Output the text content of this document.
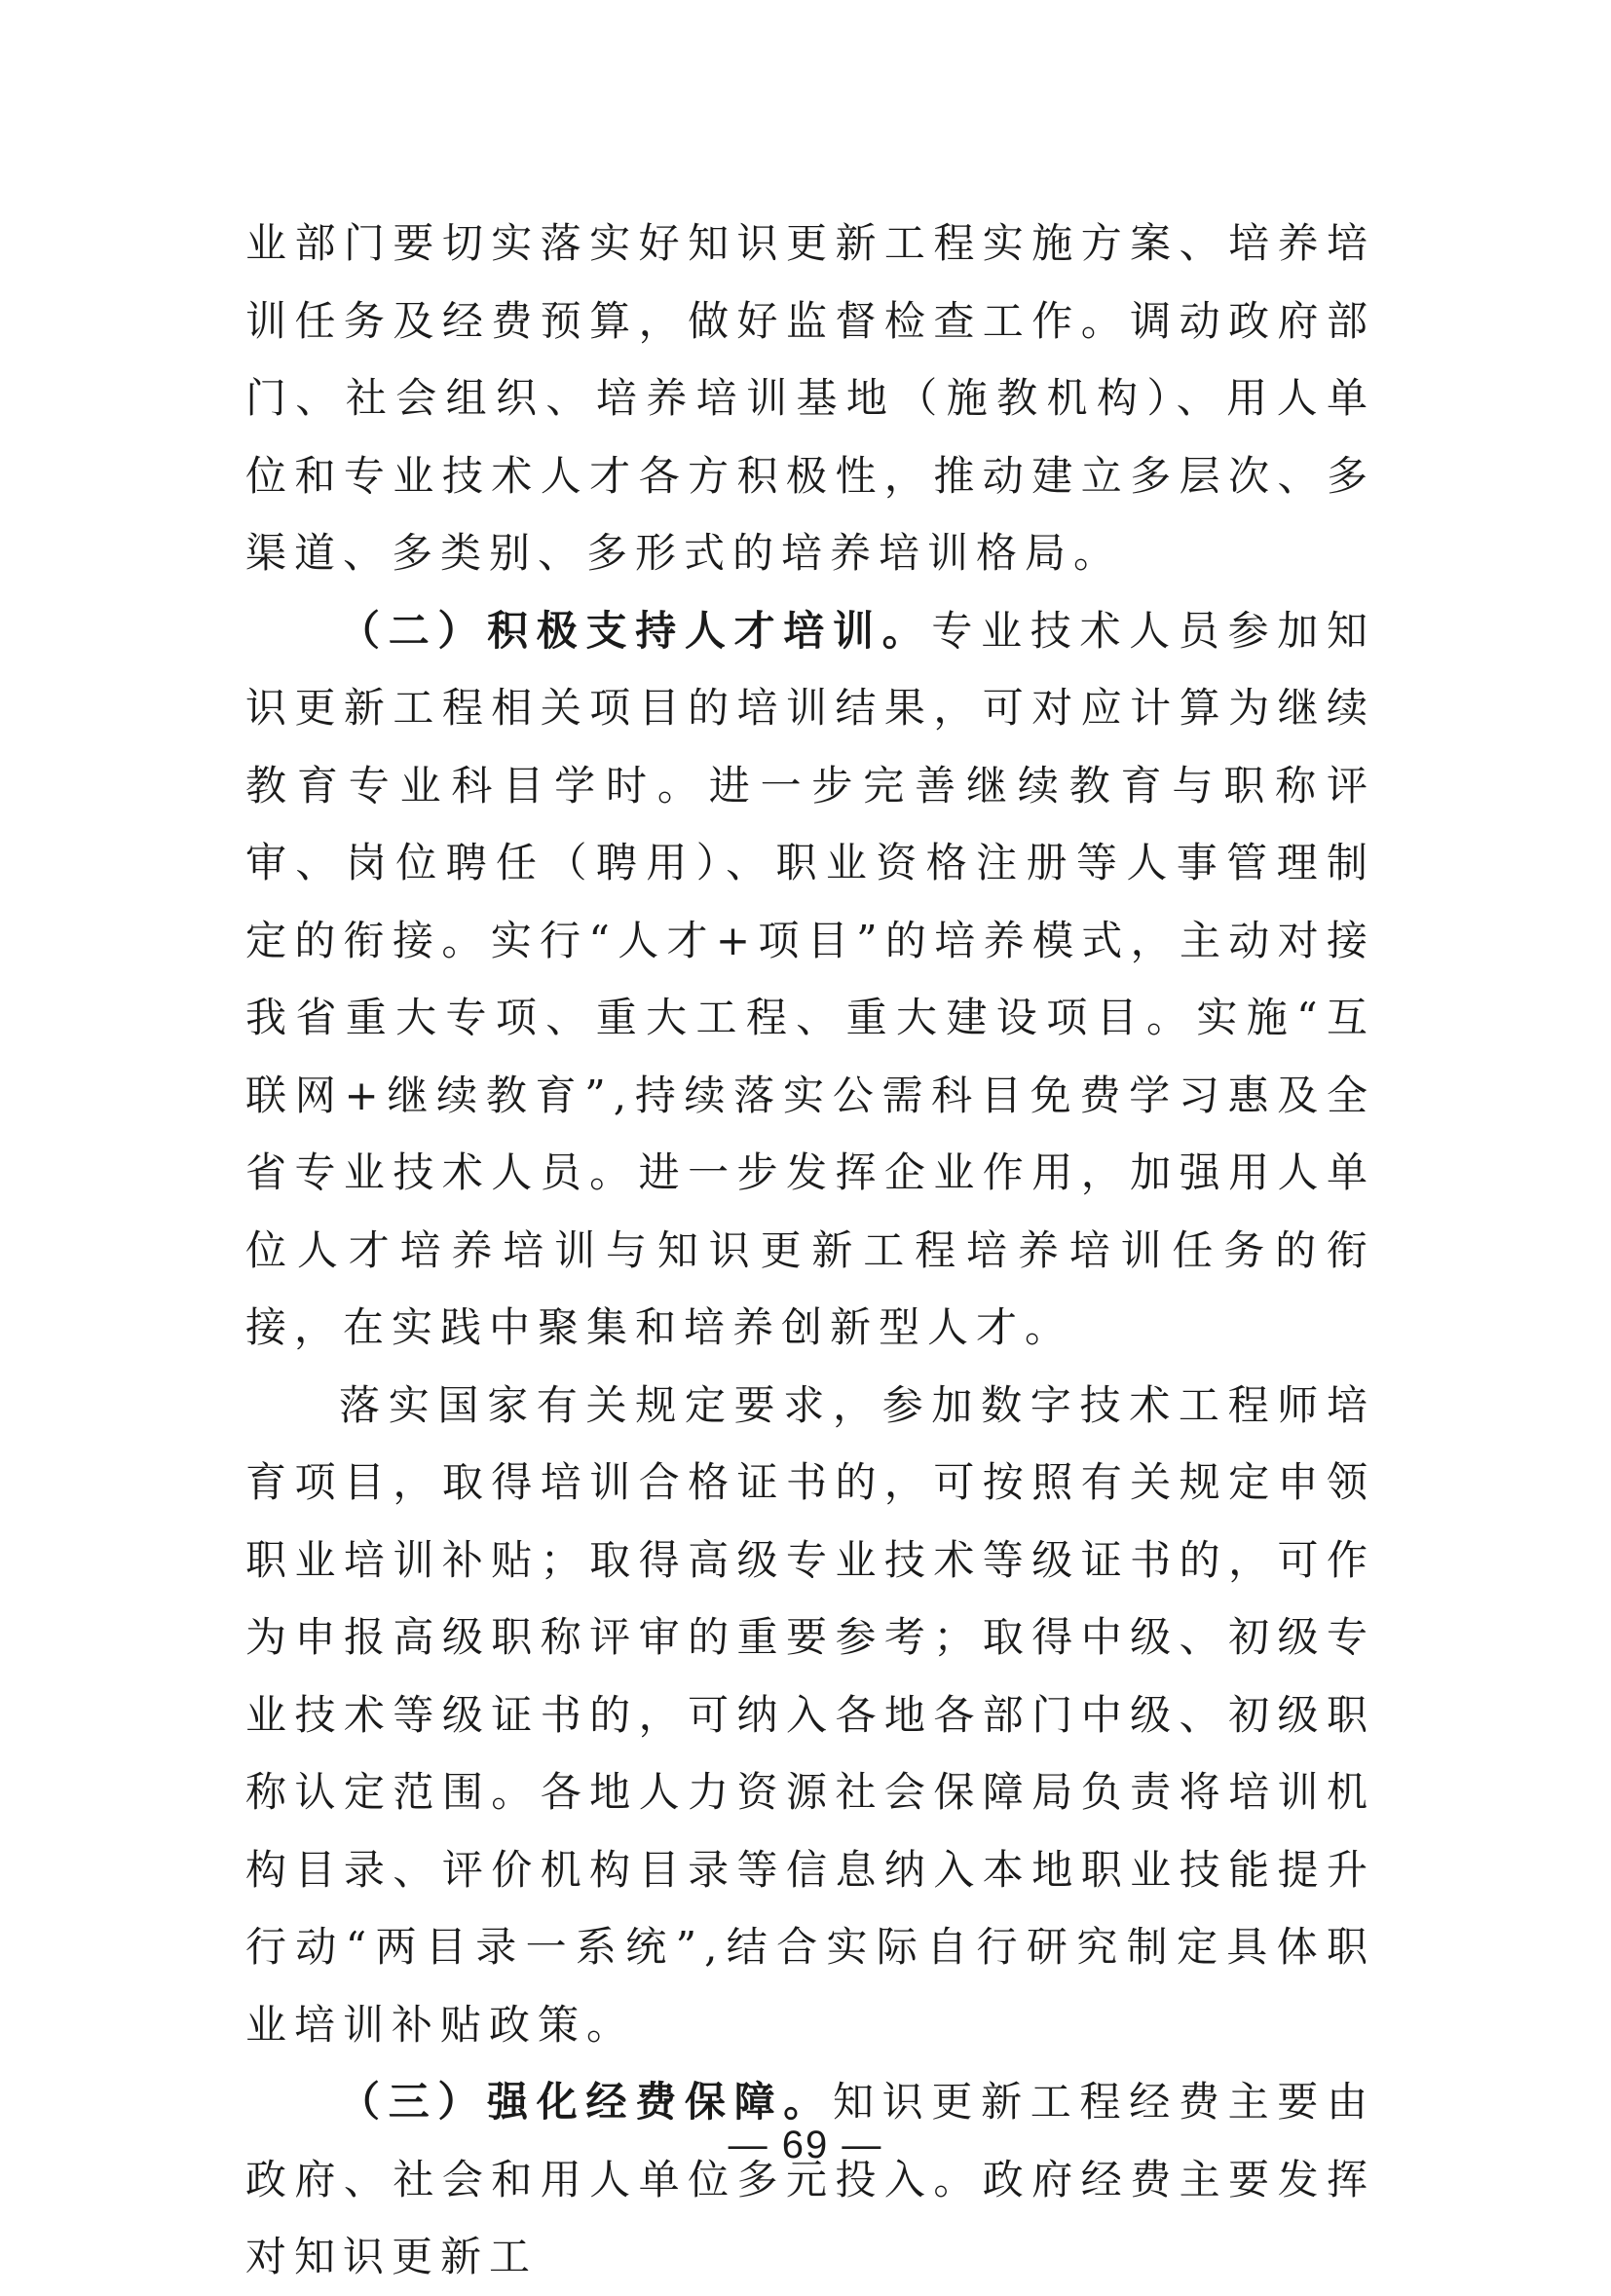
业部门要切实落实好知识更新工程实施方案、培养培训任务及经费预算，做好监督检查工作。调动政府部门、社会组织、培养培训基地（施教机构）、用人单位和专业技术人才各方积极性，推动建立多层次、多渠道、多类别、多形式的培养培训格局。

（二）积极支持人才培训。专业技术人员参加知识更新工程相关项目的培训结果，可对应计算为继续教育专业科目学时。进一步完善继续教育与职称评审、岗位聘任（聘用）、职业资格注册等人事管理制定的衔接。实行“人才+项目”的培养模式，主动对接我省重大专项、重大工程、重大建设项目。实施“互联网+继续教育”,持续落实公需科目免费学习惠及全省专业技术人员。进一步发挥企业作用，加强用人单位人才培养培训与知识更新工程培养培训任务的衔接，在实践中聚集和培养创新型人才。

落实国家有关规定要求，参加数字技术工程师培育项目，取得培训合格证书的，可按照有关规定申领职业培训补贴；取得高级专业技术等级证书的，可作为申报高级职称评审的重要参考；取得中级、初级专业技术等级证书的，可纳入各地各部门中级、初级职称认定范围。各地人力资源社会保障局负责将培训机构目录、评价机构目录等信息纳入本地职业技能提升行动“两目录一系统”,结合实际自行研究制定具体职业培训补贴政策。

（三）强化经费保障。知识更新工程经费主要由政府、社会和用人单位多元投入。政府经费主要发挥对知识更新工

— 69 —
